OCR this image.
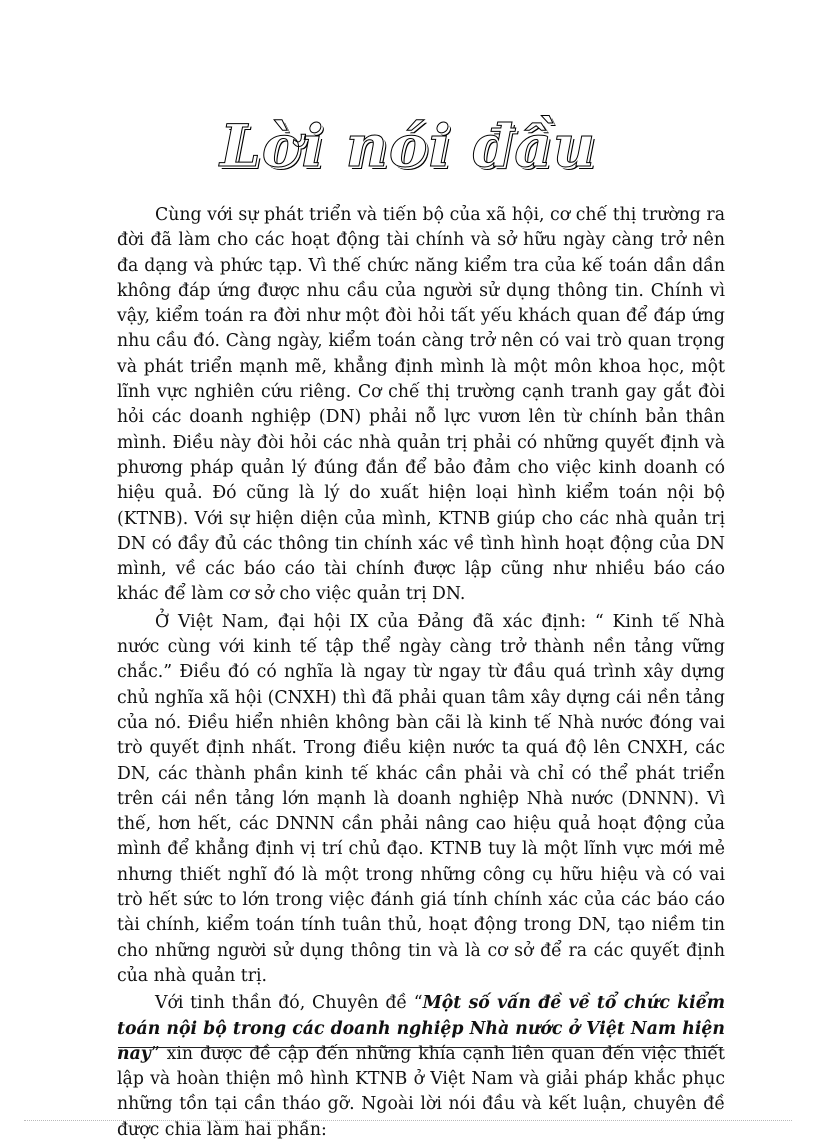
Lời nói đầu

Cùng với sự phát triển và tiến bộ của xã hội, cơ chế thị trường ra đời đã làm cho các hoạt động tài chính và sở hữu ngày càng trở nên đa dạng và phức tạp. Vì thế chức năng kiểm tra của kế toán dần dần không đáp ứng được nhu cầu của người sử dụng thông tin. Chính vì vậy, kiểm toán ra đời như một đòi hỏi tất yếu khách quan để đáp ứng nhu cầu đó. Càng ngày, kiểm toán càng trở nên có vai trò quan trọng và phát triển mạnh mẽ, khẳng định mình là một môn khoa học, một lĩnh vực nghiên cứu riêng. Cơ chế thị trường cạnh tranh gay gắt đòi hỏi các doanh nghiệp (DN) phải nỗ lực vươn lên từ chính bản thân mình. Điều này đòi hỏi các nhà quản trị phải có những quyết định và phương pháp quản lý đúng đắn để bảo đảm cho việc kinh doanh có hiệu quả. Đó cũng là lý do xuất hiện loại hình kiểm toán nội bộ (KTNB). Với sự hiện diện của mình, KTNB giúp cho các nhà quản trị DN có đầy đủ các thông tin chính xác về tình hình hoạt động của DN mình, về các báo cáo tài chính được lập cũng như nhiều báo cáo khác để làm cơ sở cho việc quản trị DN.

Ở Việt Nam, đại hội IX của Đảng đã xác định: “ Kinh tế Nhà nước cùng với kinh tế tập thể ngày càng trở thành nền tảng vững chắc.” Điều đó có nghĩa là ngay từ ngay từ đầu quá trình xây dựng chủ nghĩa xã hội (CNXH) thì đã phải quan tâm xây dựng cái nền tảng của nó. Điều hiển nhiên không bàn cãi là kinh tế Nhà nước đóng vai trò quyết định nhất. Trong điều kiện nước ta quá độ lên CNXH, các DN, các thành phần kinh tế khác cần phải và chỉ có thể phát triển trên cái nền tảng lớn mạnh là doanh nghiệp Nhà nước (DNNN). Vì thế, hơn hết, các DNNN cần phải nâng cao hiệu quả hoạt động của mình để khẳng định vị trí chủ đạo. KTNB tuy là một lĩnh vực mới mẻ nhưng thiết nghĩ đó là một trong những công cụ hữu hiệu và có vai trò hết sức to lớn trong việc đánh giá tính chính xác của các báo cáo tài chính, kiểm toán tính tuân thủ, hoạt động trong DN, tạo niềm tin cho những người sử dụng thông tin và là cơ sở để ra các quyết định của nhà quản trị.

Với tinh thần đó, Chuyên đề “Một số vấn đề về tổ chức kiểm toán nội bộ trong các doanh nghiệp Nhà nước ở Việt Nam hiện nay” xin được đề cập đến những khía cạnh liên quan đến việc thiết lập và hoàn thiện mô hình KTNB ở Việt Nam và giải pháp khắc phục những tồn tại cần tháo gỡ. Ngoài lời nói đầu và kết luận, chuyên đề được chia làm hai phần:
